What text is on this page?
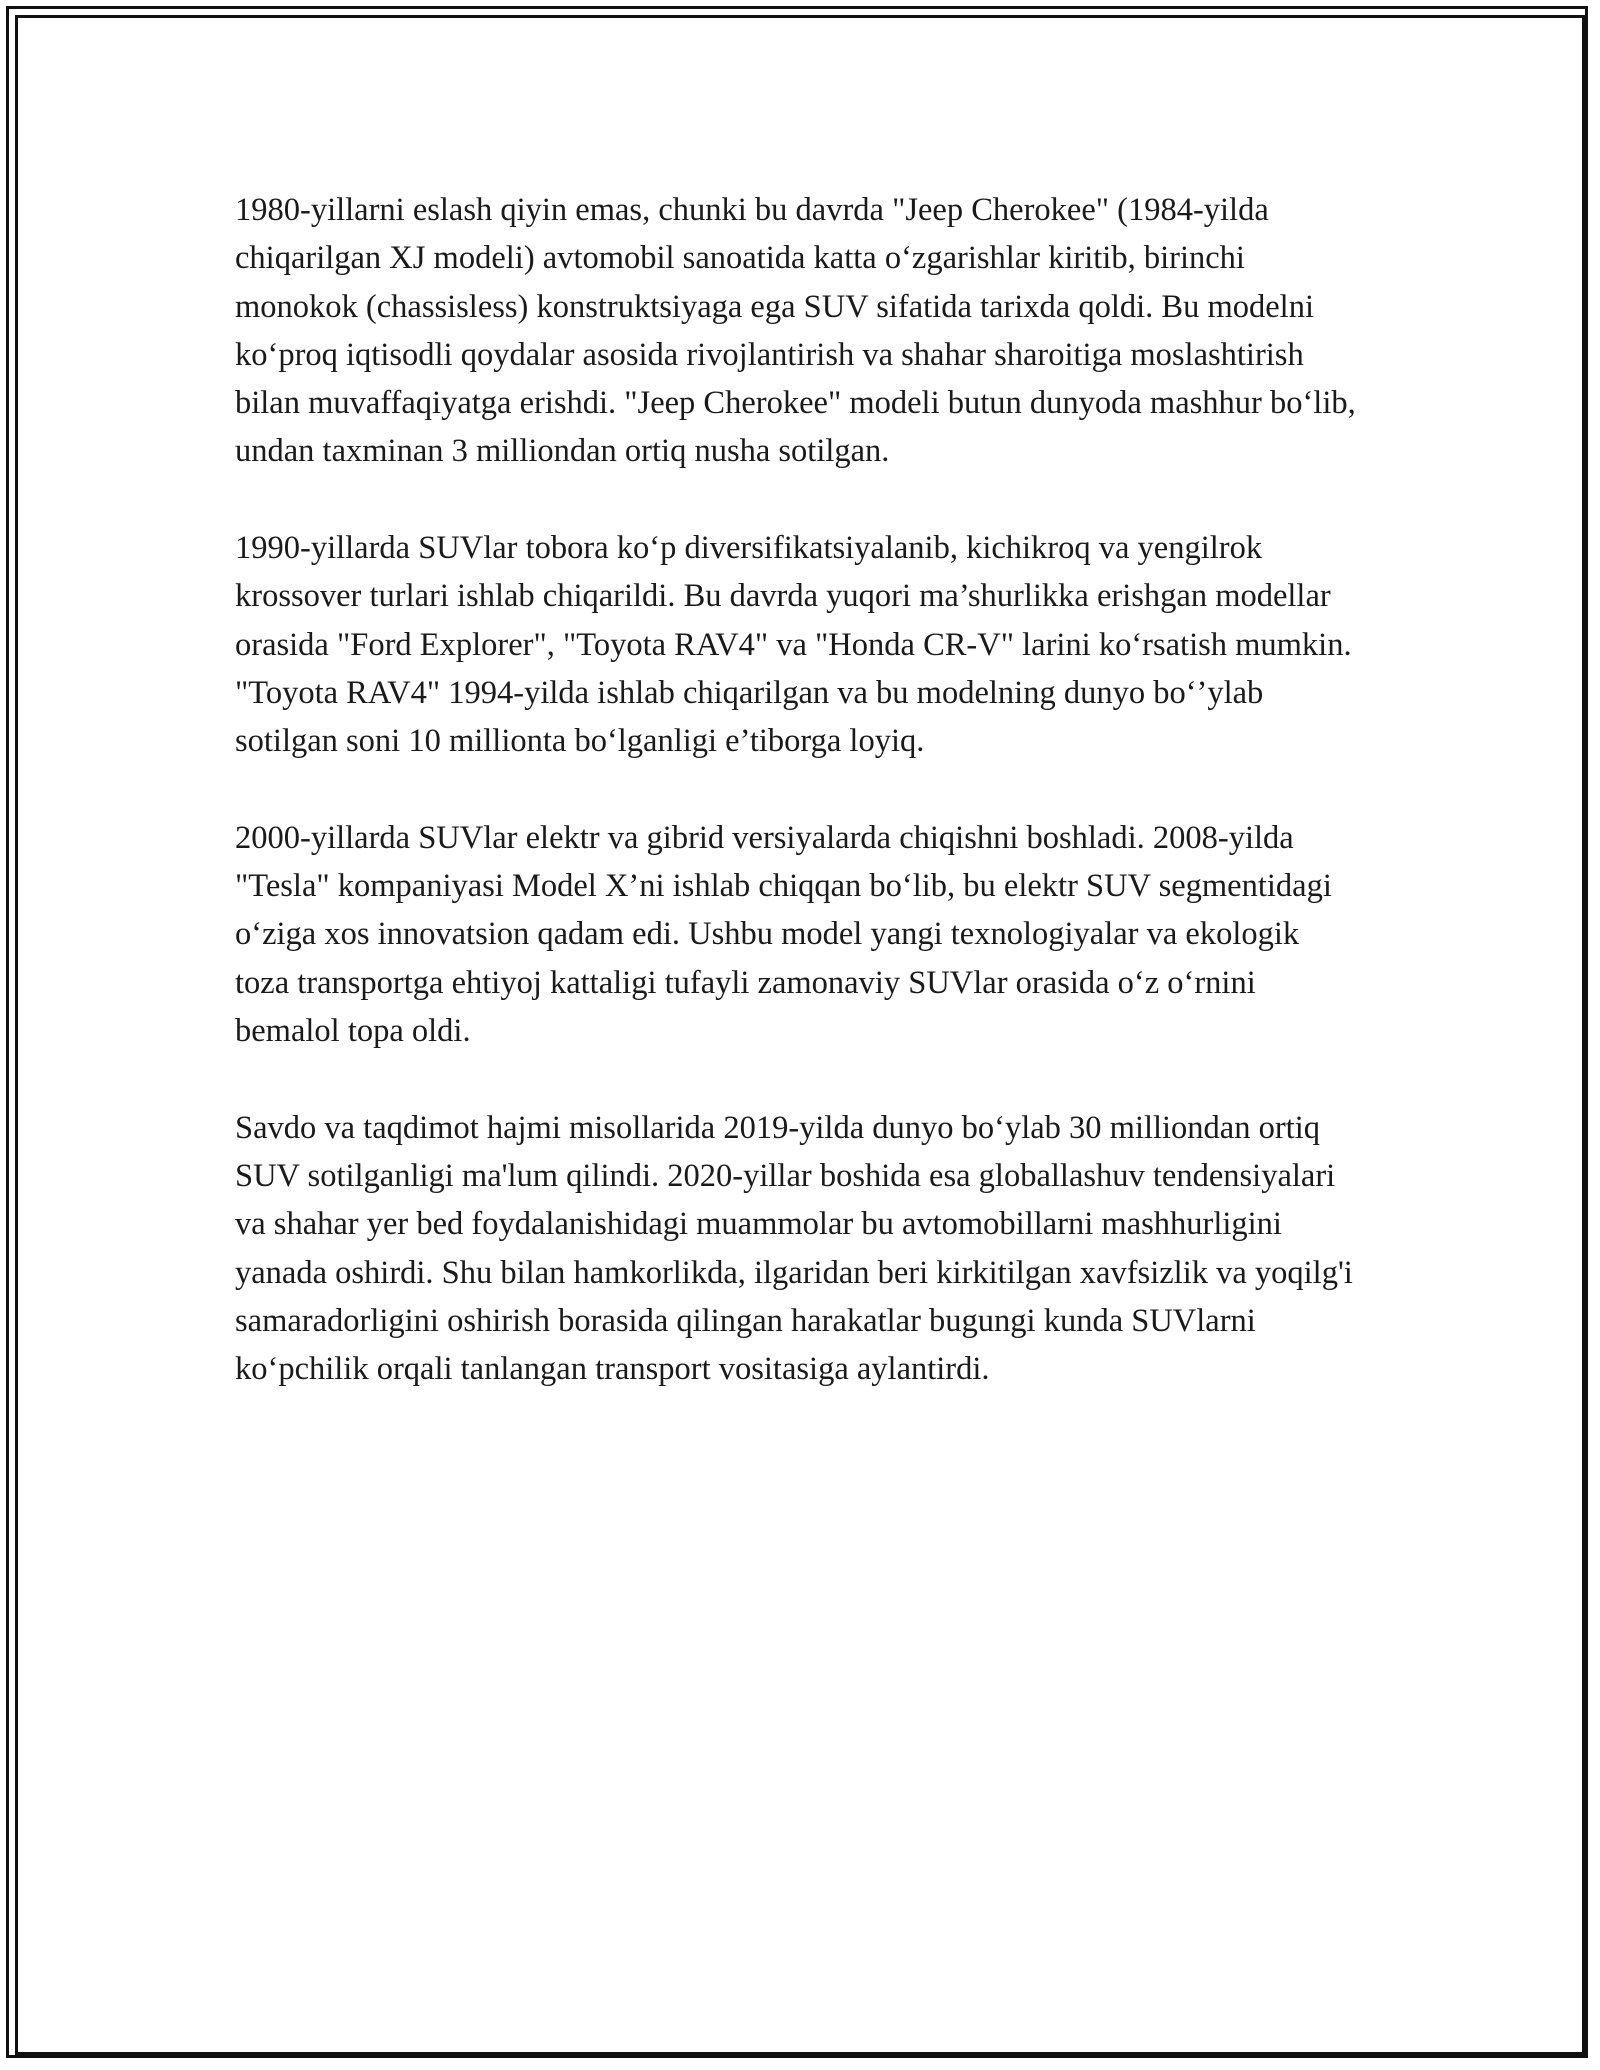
1980-yillarni eslash qiyin emas, chunki bu davrda "Jeep Cherokee" (1984-yilda chiqarilgan XJ modeli) avtomobil sanoatida katta o‘zgarishlar kiritib, birinchi monokok (chassisless) konstruktsiyaga ega SUV sifatida tarixda qoldi. Bu modelni ko‘proq iqtisodli qoydalar asosida rivojlantirish va shahar sharoitiga moslashtirish bilan muvaffaqiyatga erishdi. "Jeep Cherokee" modeli butun dunyoda mashhur bo‘lib, undan taxminan 3 milliondan ortiq nusha sotilgan.

1990-yillarda SUVlar tobora ko‘p diversifikatsiyalanib, kichikroq va yengilrok krossover turlari ishlab chiqarildi. Bu davrda yuqori ma’shurlikka erishgan modellar orasida "Ford Explorer", "Toyota RAV4" va "Honda CR-V" larini ko‘rsatish mumkin. "Toyota RAV4" 1994-yilda ishlab chiqarilgan va bu modelning dunyo bo‘’ylab sotilgan soni 10 millionta bo‘lganligi e’tiborga loyiq.

2000-yillarda SUVlar elektr va gibrid versiyalarda chiqishni boshladi. 2008-yilda "Tesla" kompaniyasi Model X’ni ishlab chiqqan bo‘lib, bu elektr SUV segmentidagi o‘ziga xos innovatsion qadam edi. Ushbu model yangi texnologiyalar va ekologik toza transportga ehtiyoj kattaligi tufayli zamonaviy SUVlar orasida o‘z o‘rnini bemalol topa oldi.

Savdo va taqdimot hajmi misollarida 2019-yilda dunyo bo‘ylab 30 milliondan ortiq SUV sotilganligi ma'lum qilindi. 2020-yillar boshida esa globallashuv tendensiyalari va shahar yer bed foydalanishidagi muammolar bu avtomobillarni mashhurligini yanada oshirdi. Shu bilan hamkorlikda, ilgaridan beri kirkitilgan xavfsizlik va yoqilg'i samaradorligini oshirish borasida qilingan harakatlar bugungi kunda SUVlarni ko‘pchilik orqali tanlangan transport vositasiga aylantirdi.
